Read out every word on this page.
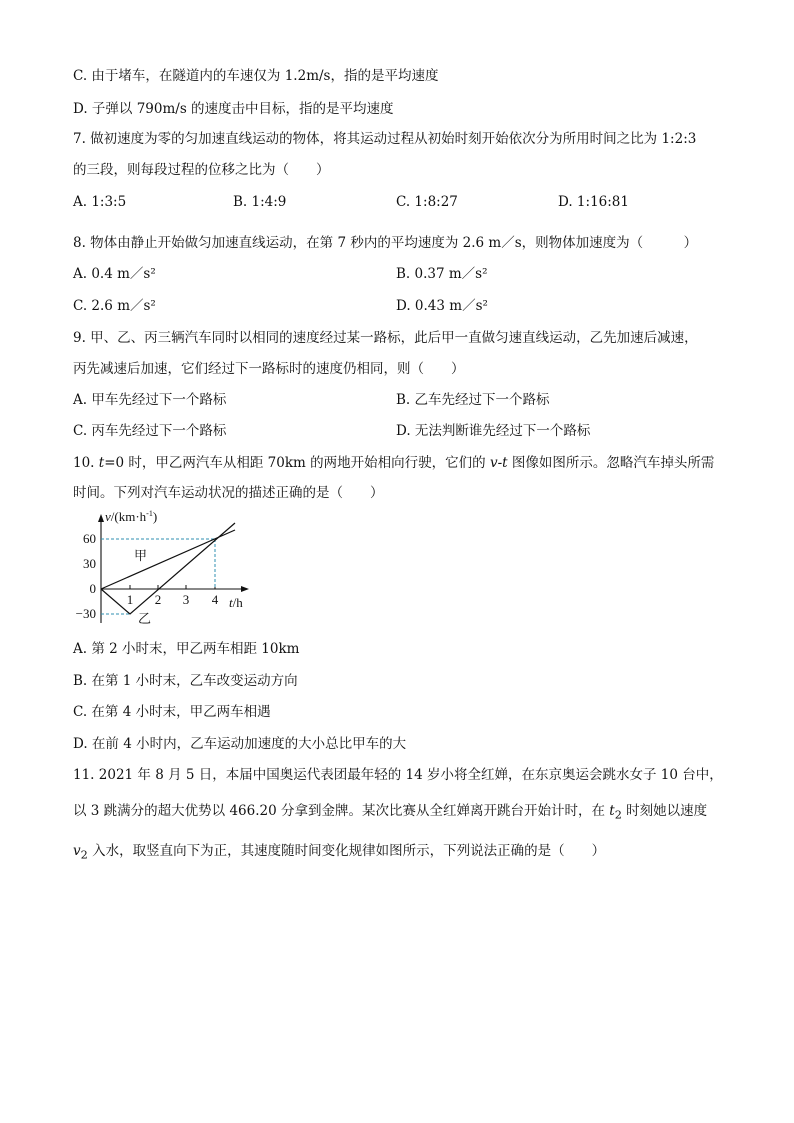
C. 由于堵车，在隧道内的车速仅为 1.2m/s，指的是平均速度
D. 子弹以 790m/s 的速度击中目标，指的是平均速度
7. 做初速度为零的匀加速直线运动的物体，将其运动过程从初始时刻开始依次分为所用时间之比为 1:2:3
的三段，则每段过程的位移之比为（　　）
A. 1:3:5	B. 1:4:9	C. 1:8:27	D. 1:16:81
8. 物体由静止开始做匀加速直线运动，在第 7 秒内的平均速度为 2.6 m／s，则物体加速度为（　　　）
A. 0.4 m／s²	B. 0.37 m／s²
C. 2.6 m／s²	D. 0.43 m／s²
9. 甲、乙、丙三辆汽车同时以相同的速度经过某一路标，此后甲一直做匀速直线运动，乙先加速后减速，
丙先减速后加速，它们经过下一路标时的速度仍相同，则（　　）
A. 甲车先经过下一个路标	B. 乙车先经过下一个路标
C. 丙车先经过下一个路标	D. 无法判断谁先经过下一个路标
10. t=0 时，甲乙两汽车从相距 70km 的两地开始相向行驶，它们的 v-t 图像如图所示。忽略汽车掉头所需
时间。下列对汽车运动状况的描述正确的是（　　）
$v/(km\cdot h^{-1})$
t/h
60
30
0
−30
1 2 3 4
甲
乙
A. 第 2 小时末，甲乙两车相距 10km
B. 在第 1 小时末，乙车改变运动方向
C. 在第 4 小时末，甲乙两车相遇
D. 在前 4 小时内，乙车运动加速度的大小总比甲车的大
11. 2021 年 8 月 5 日，本届中国奥运代表团最年轻的 14 岁小将全红婵，在东京奥运会跳水女子 10 台中，
以 3 跳满分的超大优势以 466.20 分拿到金牌。某次比赛从全红婵离开跳台开始计时，在 $t_2$ 时刻她以速度
$v_2$ 入水，取竖直向下为正，其速度随时间变化规律如图所示，下列说法正确的是（　　）
